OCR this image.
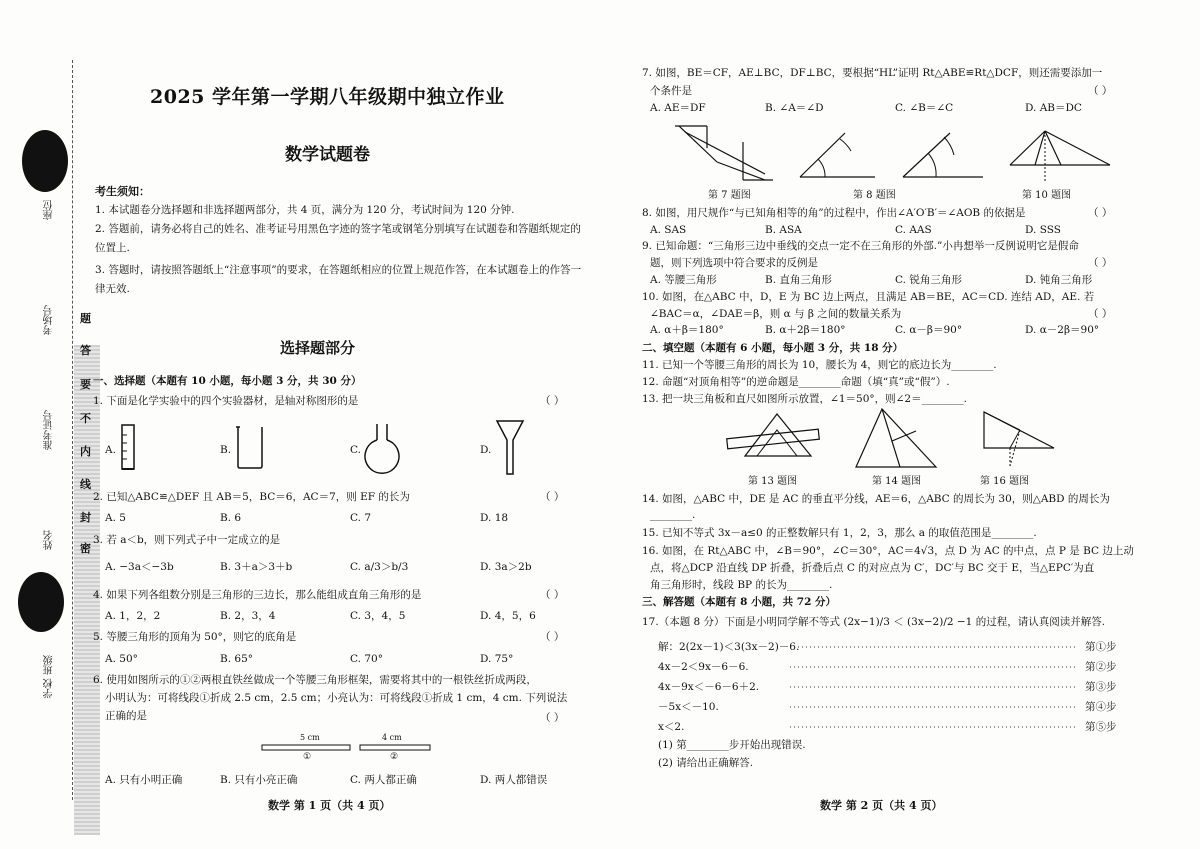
座位
考场号
准考证号
姓名
学校 班级
题
答
要
不
内
线
封
密
2025 学年第一学期八年级期中独立作业
数学试题卷
考生须知：
1. 本试题卷分选择题和非选择题两部分，共 4 页，满分为 120 分，考试时间为 120 分钟.
2. 答题前，请务必将自己的姓名、准考证号用黑色字迹的签字笔或钢笔分别填写在试题卷和答题纸规定的位置上.
3. 答题时，请按照答题纸上“注意事项”的要求，在答题纸相应的位置上规范作答，在本试题卷上的作答一律无效.
选择题部分
一、选择题（本题有 10 小题，每小题 3 分，共 30 分）
1. 下面是化学实验中的四个实验器材，是轴对称图形的是	（ ）
A.	B.	C.	D.
2. 已知△ABC≌△DEF 且 AB＝5，BC＝6，AC＝7，则 EF 的长为	（ ）
A. 5	B. 6	C. 7	D. 18
3. 若 a＜b，则下列式子中一定成立的是
A. −3a＜−3b	B. 3＋a＞3＋b	C. a/3＞b/3	D. 3a＞2b
4. 如果下列各组数分别是三角形的三边长，那么能组成直角三角形的是	（ ）
A. 1，2，2	B. 2，3，4	C. 3，4，5	D. 4，5，6
5. 等腰三角形的顶角为 50°，则它的底角是	（ ）
A. 50°	B. 65°	C. 70°	D. 75°
6. 使用如图所示的①②两根直铁丝做成一个等腰三角形框架，需要将其中的一根铁丝折成两段，
小明认为：可将线段①折成 2.5 cm，2.5 cm；小亮认为：可将线段①折成 1 cm，4 cm. 下列说法
正确的是	（ ）
5 cm	4 cm
①	②
A. 只有小明正确	B. 只有小亮正确	C. 两人都正确	D. 两人都错误
数学 第 1 页（共 4 页）
7. 如图，BE＝CF，AE⊥BC，DF⊥BC，要根据“HL”证明 Rt△ABE≌Rt△DCF，则还需要添加一
个条件是	（ ）
A. AE＝DF	B. ∠A＝∠D	C. ∠B＝∠C	D. AB＝DC
第 7 题图	第 8 题图	第 10 题图
8. 如图，用尺规作“与已知角相等的角”的过程中，作出∠A′O′B′＝∠AOB 的依据是	（ ）
A. SAS	B. ASA	C. AAS	D. SSS
9. 已知命题：“三角形三边中垂线的交点一定不在三角形的外部.”小冉想举一反例说明它是假命
题，则下列选项中符合要求的反例是	（ ）
A. 等腰三角形	B. 直角三角形	C. 锐角三角形	D. 钝角三角形
10. 如图，在△ABC 中，D，E 为 BC 边上两点，且满足 AB＝BE，AC＝CD. 连结 AD，AE. 若
∠BAC＝α，∠DAE＝β，则 α 与 β 之间的数量关系为	（ ）
A. α＋β＝180°	B. α＋2β＝180°	C. α－β＝90°	D. α－2β＝90°
二、填空题（本题有 6 小题，每小题 3 分，共 18 分）
11. 已知一个等腰三角形的周长为 10，腰长为 4，则它的底边长为________.
12. 命题“对顶角相等”的逆命题是________命题（填“真”或“假”）.
13. 把一块三角板和直尺如图所示放置，∠1＝50°，则∠2＝________.
第 13 题图	第 14 题图	第 16 题图
14. 如图，△ABC 中，DE 是 AC 的垂直平分线，AE＝6，△ABC 的周长为 30，则△ABD 的周长为
________.
15. 已知不等式 3x－a≤0 的正整数解只有 1，2，3，那么 a 的取值范围是________.
16. 如图，在 Rt△ABC 中，∠B＝90°，∠C＝30°，AC＝4√3，点 D 为 AC 的中点，点 P 是 BC 边上动
点，将△DCP 沿直线 DP 折叠，折叠后点 C 的对应点为 C′，DC′与 BC 交于 E，当△EPC′为直
角三角形时，线段 BP 的长为________.
三、解答题（本题有 8 小题，共 72 分）
17.（本题 8 分）下面是小明同学解不等式 (2x−1)/3 ＜ (3x−2)/2 −1 的过程，请认真阅读并解答.
解：2(2x－1)＜3(3x－2)－6.	第①步
4x－2＜9x－6－6.	第②步
4x－9x＜－6－6＋2.	第③步
－5x＜－10.	第④步
x＜2.	第⑤步
(1) 第________步开始出现错误.
(2) 请给出正确解答.
数学 第 2 页（共 4 页）
